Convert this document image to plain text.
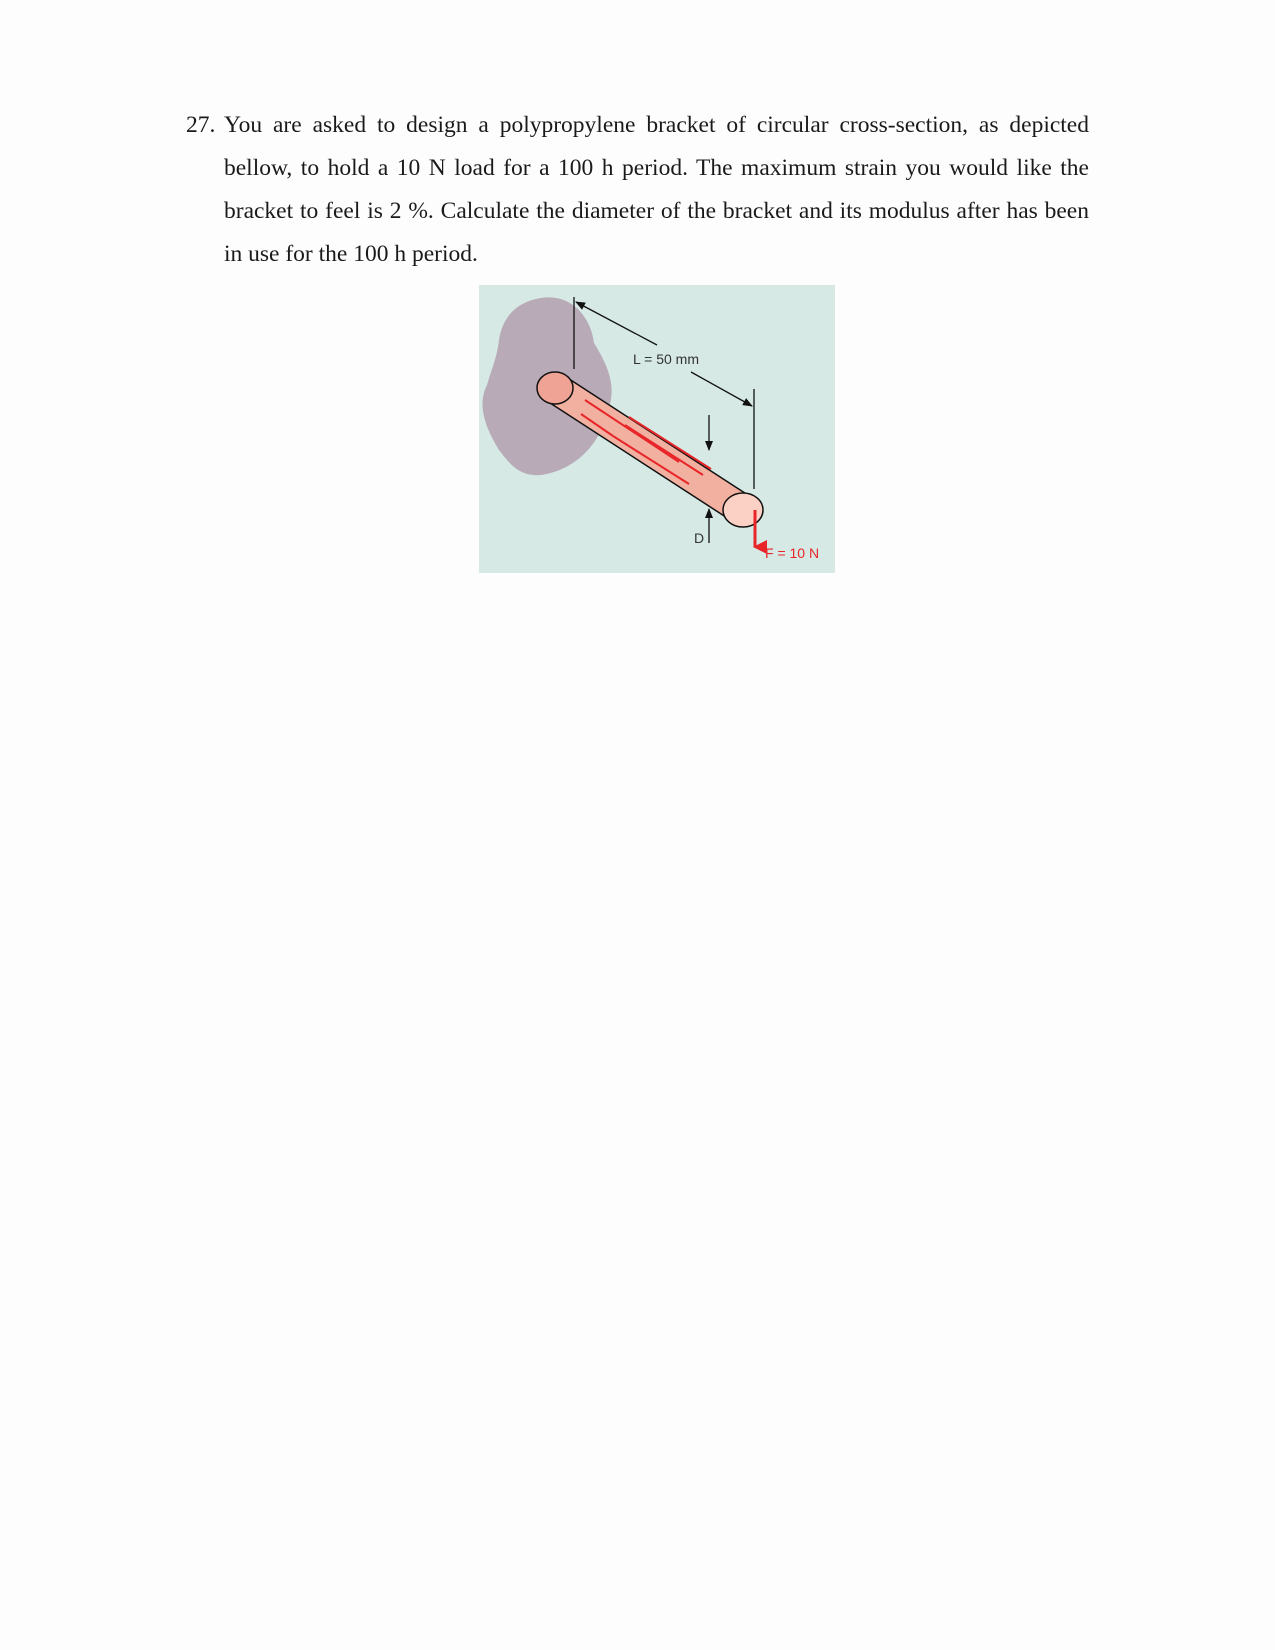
27. You are asked to design a polypropylene bracket of circular cross-section, as depicted bellow, to hold a 10 N load for a 100 h period. The maximum strain you would like the bracket to feel is 2 %. Calculate the diameter of the bracket and its modulus after has been in use for the 100 h period.
L = 50 mm
D
F = 10 N
